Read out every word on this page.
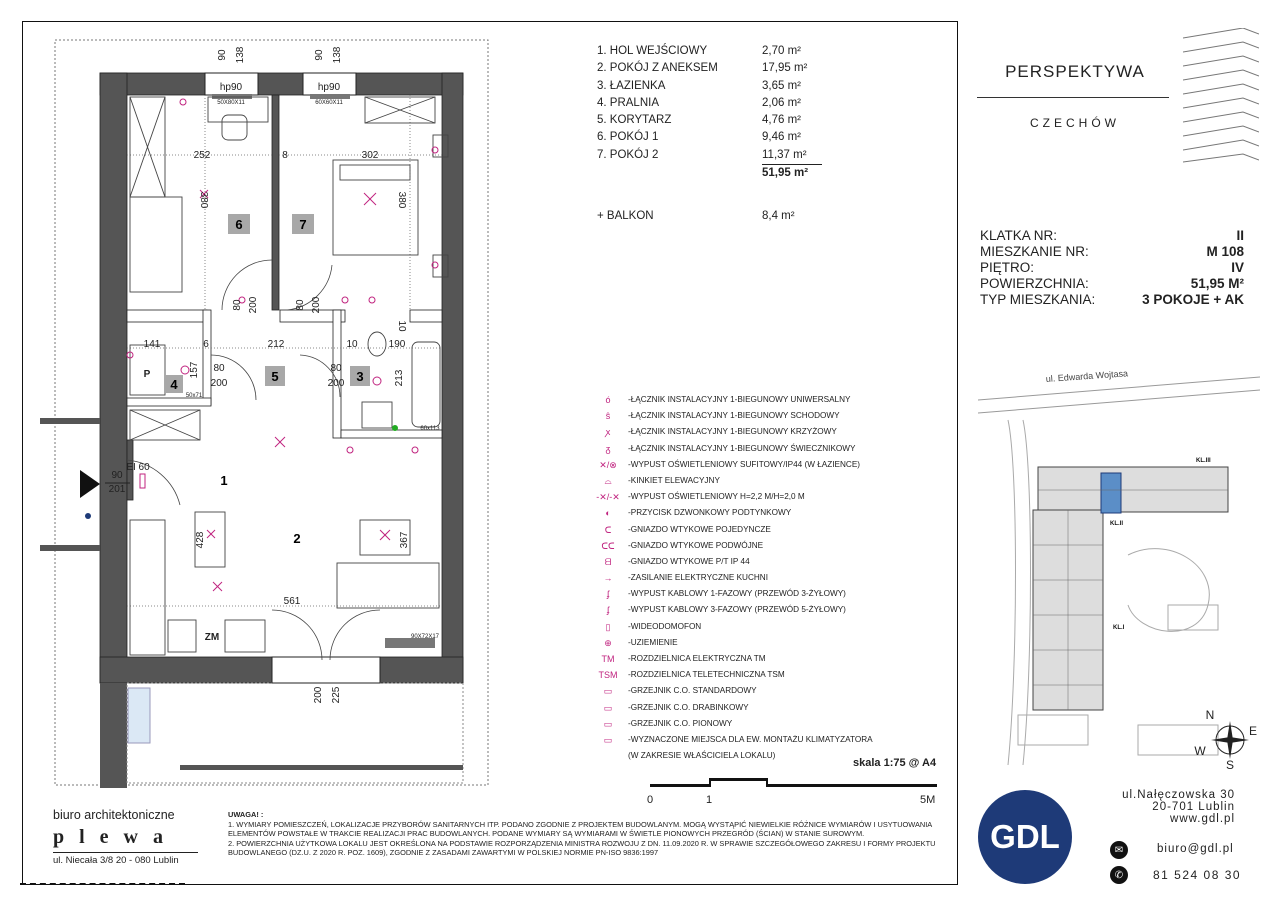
6	7
4
5	3
1
2
252	8	302
380	380
141	6	212	10	190
10
157	213
80 200	80 200
80
200
80
200
428	367
561
200 225
90 138	90 138
hp90	hp90
90
201
EI 60
P
ZM
50X80X11	60X60X11
50x71
60x113
90X72X17
1. HOL WEJŚCIOWY	2,70 m²
2. POKÓJ Z ANEKSEM	17,95 m²
3. ŁAZIENKA	3,65 m²
4. PRALNIA	2,06 m²
5. KORYTARZ	4,76 m²
6. POKÓJ 1	9,46 m²
7. POKÓJ 2	11,37 m²
51,95 m²
+ BALKON	8,4 m²
PERSPEKTYWA
CZECHÓW
KLATKA NR:	II
MIESZKANIE NR:	M 108
PIĘTRO:	IV
POWIERZCHNIA:	51,95 M²
TYP MIESZKANIA:	3 POKOJE + AK
ul. Edwarda Wojtasa
KL.III
KL.II
KL.I
N
E
S
W
ó	-ŁĄCZNIK INSTALACYJNY 1-BIEGUNOWY UNIWERSALNY
ŝ	-ŁĄCZNIK INSTALACYJNY 1-BIEGUNOWY SCHODOWY
ꭗ	-ŁĄCZNIK INSTALACYJNY 1-BIEGUNOWY KRZYŻOWY
ᵹ	-ŁĄCZNIK INSTALACYJNY 1-BIEGUNOWY ŚWIECZNIKOWY
✕/⊗	-WYPUST OŚWIETLENIOWY SUFITOWY/IP44 (W ŁAZIENCE)
⌓	-KINKIET ELEWACYJNY
-✕/-✕	-WYPUST OŚWIETLENIOWY H=2,2 M/H=2,0 M
◐	-PRZYCISK DZWONKOWY PODTYNKOWY
ᑕ	-GNIAZDO WTYKOWE POJEDYNCZE
ᑕᑕ	-GNIAZDO WTYKOWE PODWÓJNE
ᗺ	-GNIAZDO WTYKOWE P/T IP 44
→	-ZASILANIE ELEKTRYCZNE KUCHNI
ʄ	-WYPUST KABLOWY 1-FAZOWY (PRZEWÓD 3-ŻYŁOWY)
ʄ	-WYPUST KABLOWY 3-FAZOWY (PRZEWÓD 5-ŻYŁOWY)
▯	-WIDEODOMOFON
⊕	-UZIEMIENIE
TM	-ROZDZIELNICA ELEKTRYCZNA TM
TSM	-ROZDZIELNICA TELETECHNICZNA TSM
▭	-GRZEJNIK C.O. STANDARDOWY
▭	-GRZEJNIK C.O. DRABINKOWY
▭	-GRZEJNIK C.O. PIONOWY
▭	-WYZNACZONE MIEJSCA DLA EW. MONTAŻU KLIMATYZATORA
(W ZAKRESIE WŁAŚCICIELA LOKALU)
skala 1:75 @ A4
0	1	5M
biuro architektoniczne
plewa
ul. Niecała 3/8 20 - 080 Lublin
UWAGA! :
1. WYMIARY POMIESZCZEŃ, LOKALIZACJE PRZYBORÓW SANITARNYCH ITP. PODANO ZGODNIE Z PROJEKTEM BUDOWLANYM. MOGĄ WYSTĄPIĆ NIEWIELKIE RÓŻNICE WYMIARÓW I USYTUOWANIA ELEMENTÓW POWSTAŁE W TRAKCIE REALIZACJI PRAC BUDOWLANYCH. PODANE WYMIARY SĄ WYMIARAMI W ŚWIETLE PIONOWYCH PRZEGRÓD (ŚCIAN) W STANIE SUROWYM.
2. POWIERZCHNIA UŻYTKOWA LOKALU JEST OKREŚLONA NA PODSTAWIE ROZPORZĄDZENIA MINISTRA ROZWOJU Z DN. 11.09.2020 R. W SPRAWIE SZCZEGÓŁOWEGO ZAKRESU I FORMY PROJEKTU BUDOWLANEGO (DZ.U. Z 2020 R. POZ. 1609), ZGODNIE Z ZASADAMI ZAWARTYMI W POLSKIEJ NORMIE PN-ISO 9836:1997	GDL
ul.Nałęczowska 30
20-701 Lublin
www.gdl.pl
✉	biuro@gdl.pl
✆	81 524 08 30
